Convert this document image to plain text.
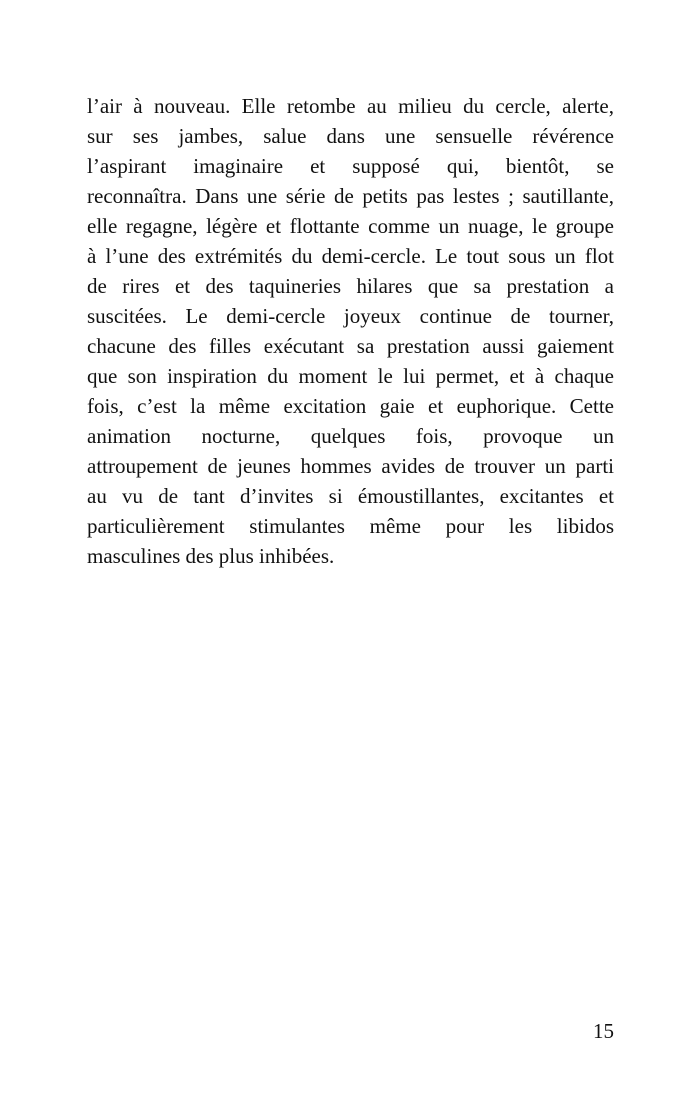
l’air à nouveau. Elle retombe au milieu du cercle, alerte,
sur ses jambes, salue dans une sensuelle révérence
l’aspirant imaginaire et supposé qui, bientôt, se
reconnaîtra. Dans une série de petits pas lestes ; sautillante,
elle regagne, légère et flottante comme un nuage, le groupe
à l’une des extrémités du demi-cercle. Le tout sous un flot
de rires et des taquineries hilares que sa prestation a
suscitées. Le demi-cercle joyeux continue de tourner,
chacune des filles exécutant sa prestation aussi gaiement
que son inspiration du moment le lui permet, et à chaque
fois, c’est la même excitation gaie et euphorique. Cette
animation nocturne, quelques fois, provoque un
attroupement de jeunes hommes avides de trouver un parti
au vu de tant d’invites si émoustillantes, excitantes et
particulièrement stimulantes même pour les libidos
masculines des plus inhibées.

15
